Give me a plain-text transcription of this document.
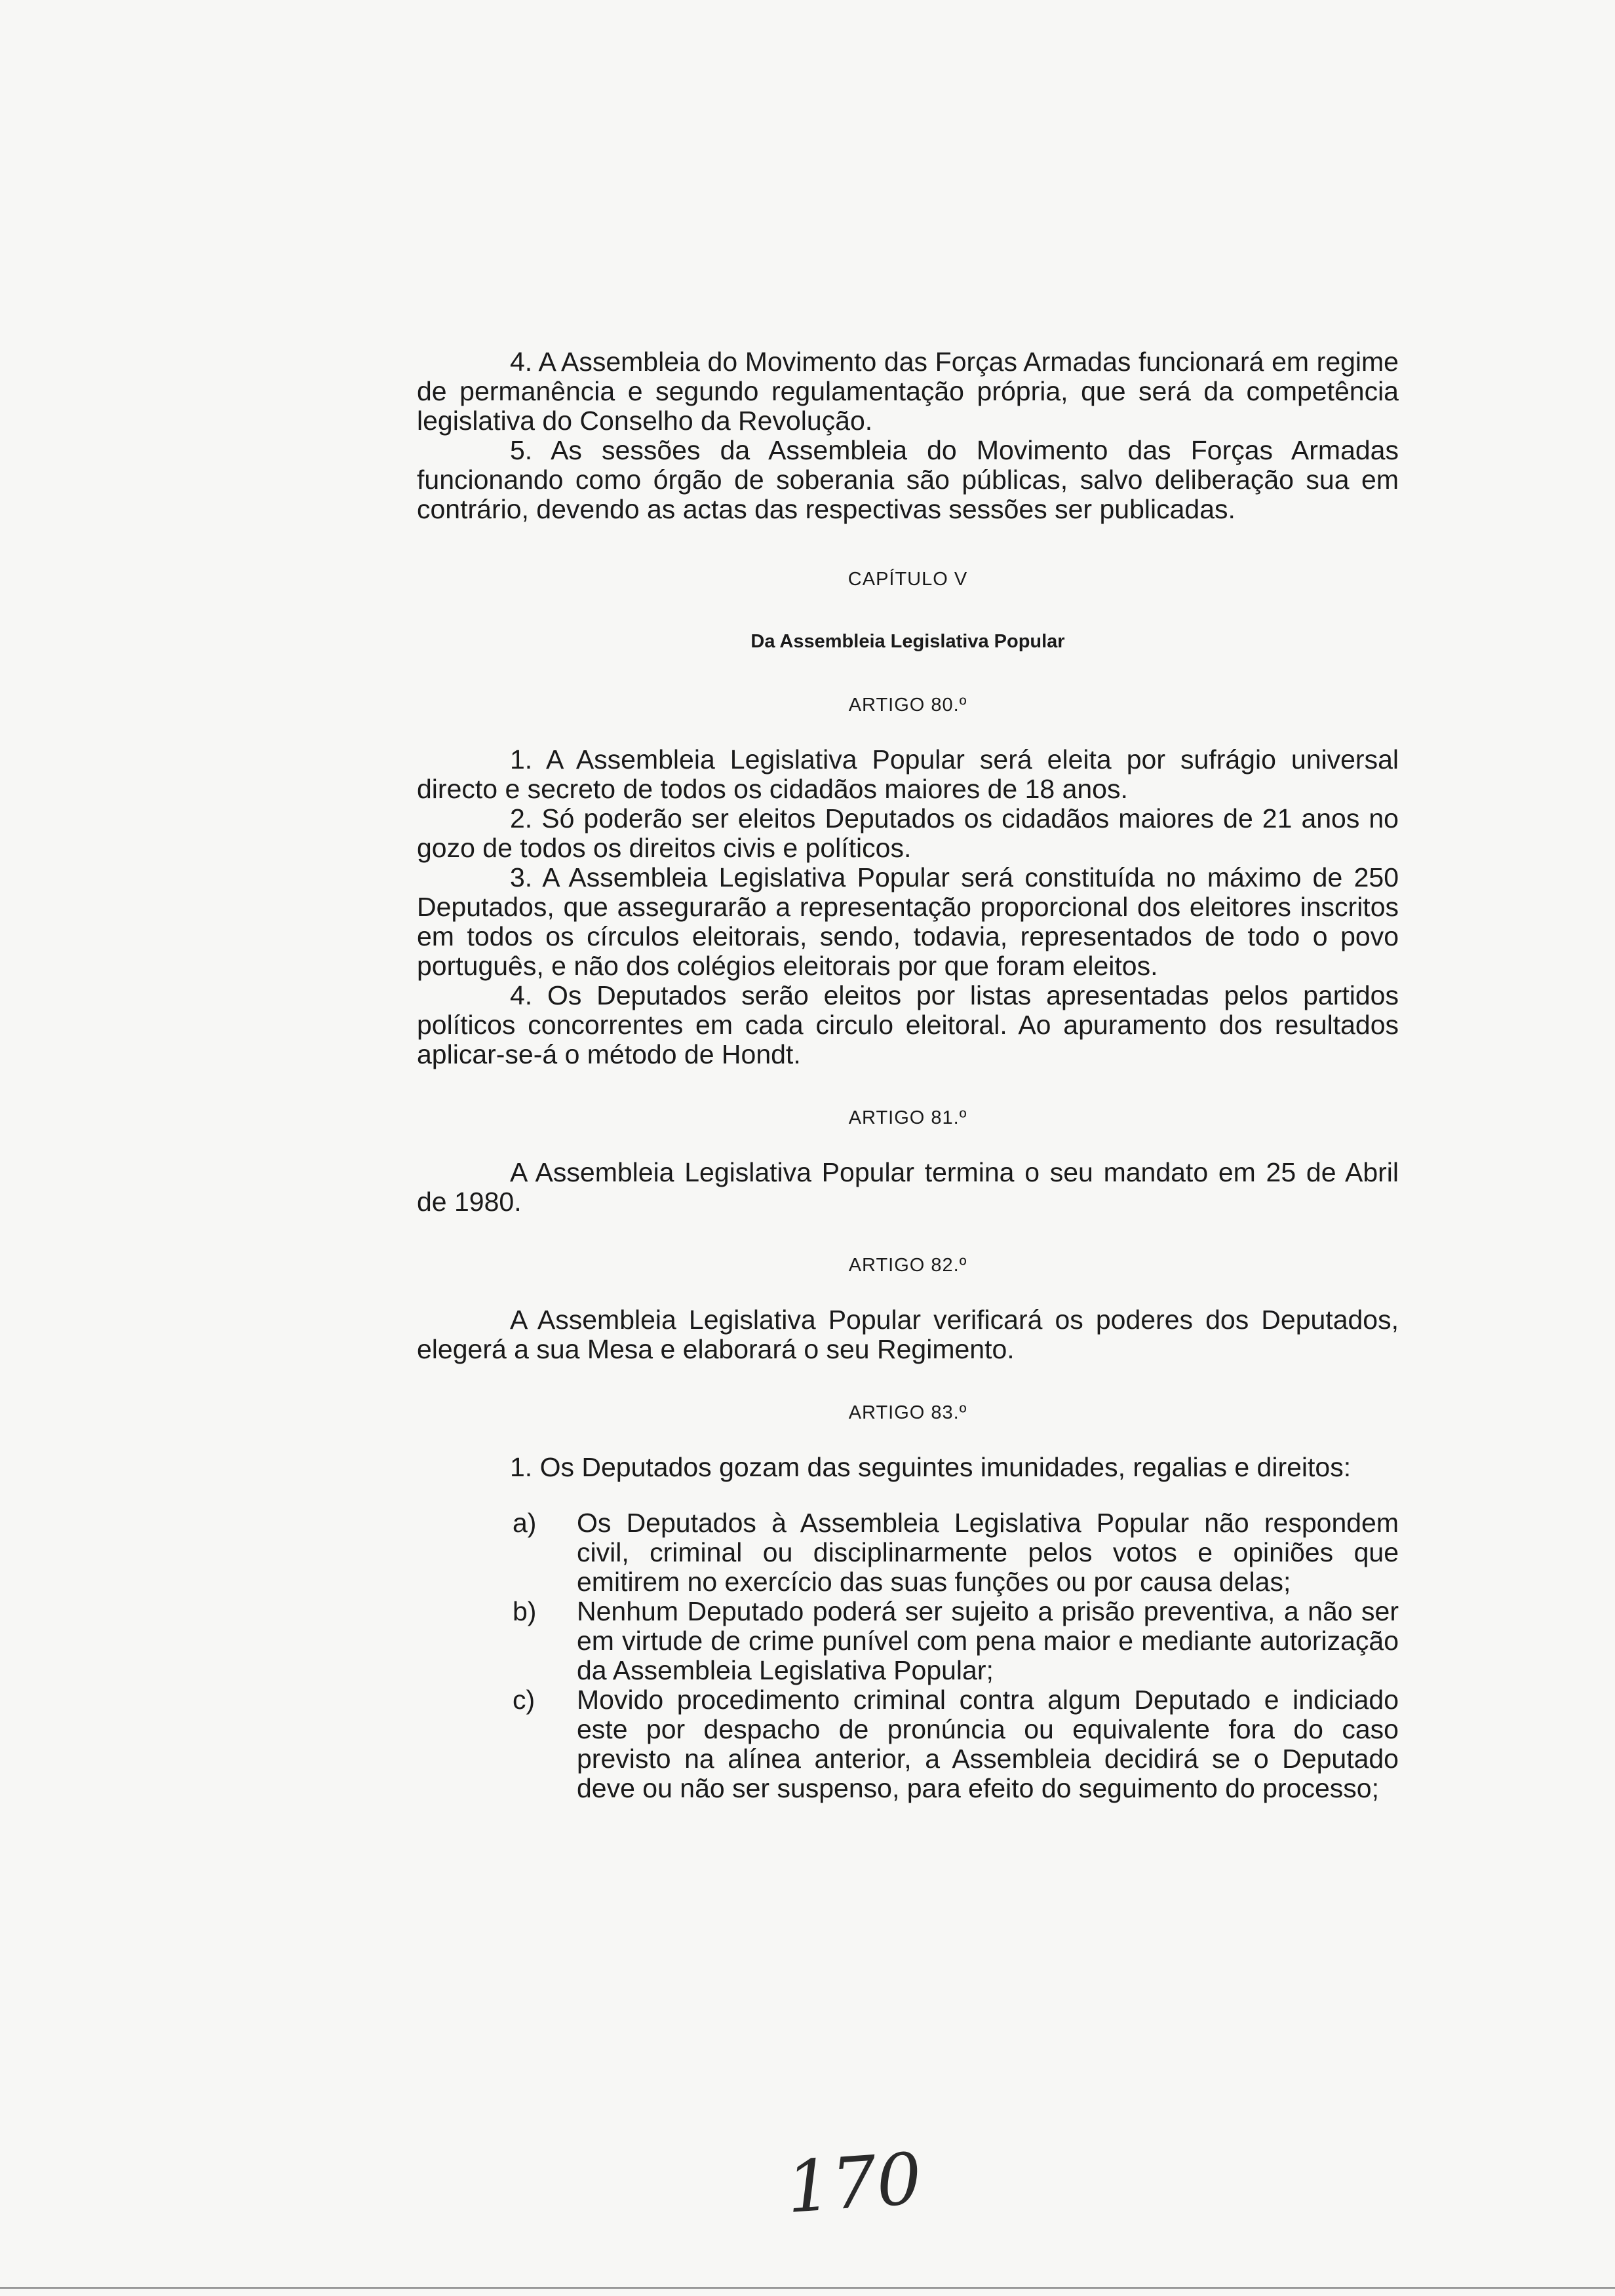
4. A Assembleia do Movimento das Forças Armadas funcionará em regime de permanência e segundo regulamentação própria, que será da competência legislativa do Conselho da Revolução.

5. As sessões da Assembleia do Movimento das Forças Armadas funcionando como órgão de soberania são públicas, salvo deliberação sua em contrário, devendo as actas das respectivas sessões ser publicadas.

CAPÍTULO V

Da Assembleia Legislativa Popular

ARTIGO 80.º

1. A Assembleia Legislativa Popular será eleita por sufrágio universal directo e secreto de todos os cidadãos maiores de 18 anos.

2. Só poderão ser eleitos Deputados os cidadãos maiores de 21 anos no gozo de todos os direitos civis e políticos.

3. A Assembleia Legislativa Popular será constituída no máximo de 250 Deputados, que assegurarão a representação proporcional dos eleitores inscritos em todos os círculos eleitorais, sendo, todavia, representados de todo o povo português, e não dos colégios eleitorais por que foram eleitos.

4. Os Deputados serão eleitos por listas apresentadas pelos partidos políticos concorrentes em cada circulo eleitoral. Ao apuramento dos resultados aplicar-se-á o método de Hondt.

ARTIGO 81.º

A Assembleia Legislativa Popular termina o seu mandato em 25 de Abril de 1980.

ARTIGO 82.º

A Assembleia Legislativa Popular verificará os poderes dos Deputados, elegerá a sua Mesa e elaborará o seu Regimento.

ARTIGO 83.º

1. Os Deputados gozam das seguintes imunidades, regalias e direitos:

a)	Os Deputados à Assembleia Legislativa Popular não respondem civil, criminal ou disciplinarmente pelos votos e opiniões que emitirem no exercício das suas funções ou por causa delas;
b)	Nenhum Deputado poderá ser sujeito a prisão preventiva, a não ser em virtude de crime punível com pena maior e mediante autorização da Assembleia Legislativa Popular;
c)	Movido procedimento criminal contra algum Deputado e indiciado este por despacho de pronúncia ou equivalente fora do caso previsto na alínea anterior, a Assembleia decidirá se o Deputado deve ou não ser suspenso, para efeito do seguimento do processo;
170
